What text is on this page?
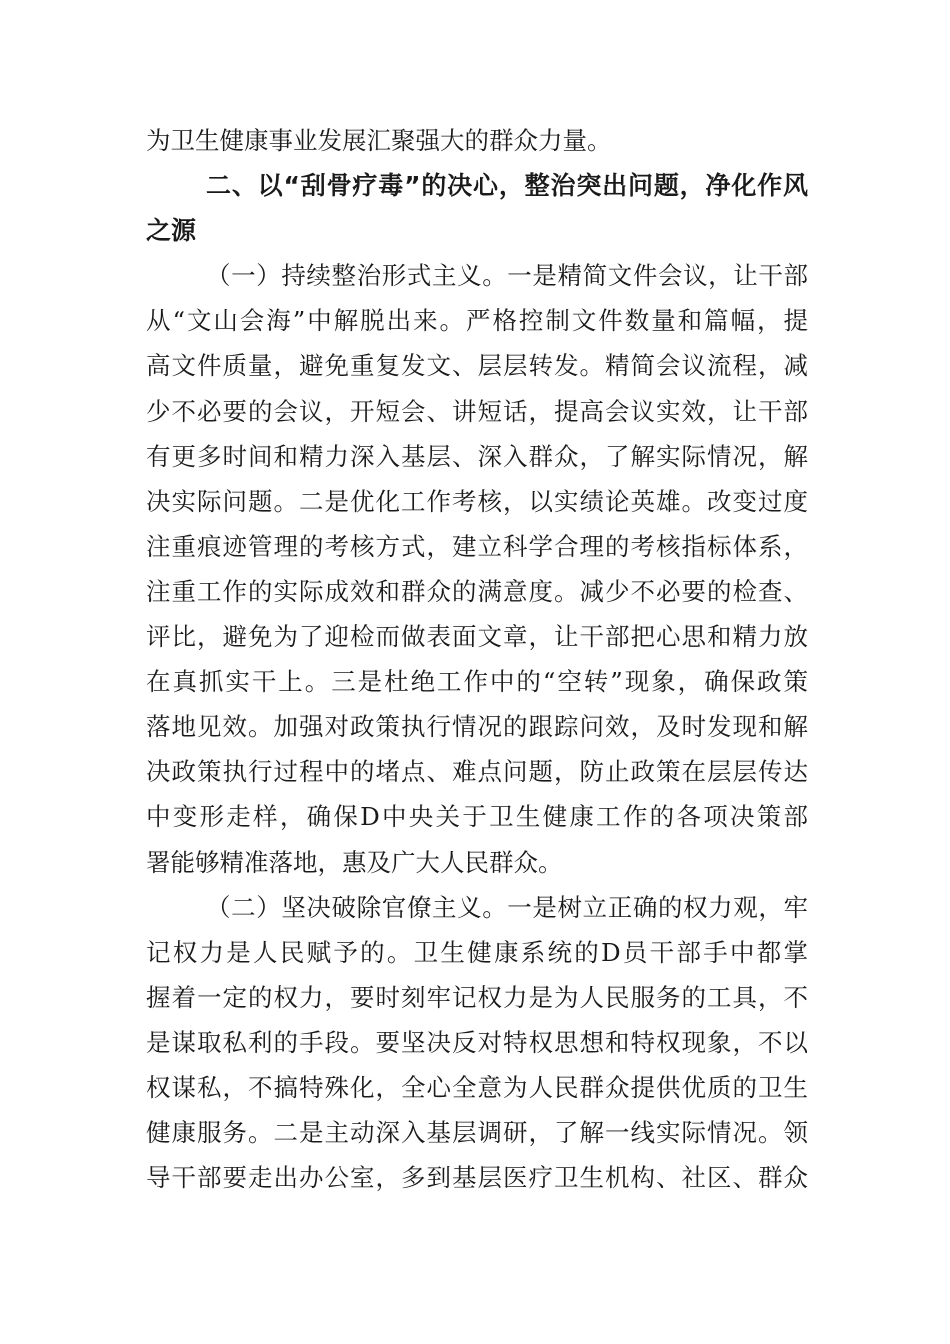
为卫生健康事业发展汇聚强大的群众力量。
二、以“刮骨疗毒”的决心，整治突出问题，净化作风
之源
（一）持续整治形式主义。一是精简文件会议，让干部
从“文山会海”中解脱出来。严格控制文件数量和篇幅，提
高文件质量，避免重复发文、层层转发。精简会议流程，减
少不必要的会议，开短会、讲短话，提高会议实效，让干部
有更多时间和精力深入基层、深入群众，了解实际情况，解
决实际问题。二是优化工作考核，以实绩论英雄。改变过度
注重痕迹管理的考核方式，建立科学合理的考核指标体系，
注重工作的实际成效和群众的满意度。减少不必要的检查、
评比，避免为了迎检而做表面文章，让干部把心思和精力放
在真抓实干上。三是杜绝工作中的“空转”现象，确保政策
落地见效。加强对政策执行情况的跟踪问效，及时发现和解
决政策执行过程中的堵点、难点问题，防止政策在层层传达
中变形走样，确保D中央关于卫生健康工作的各项决策部
署能够精准落地，惠及广大人民群众。
（二）坚决破除官僚主义。一是树立正确的权力观，牢
记权力是人民赋予的。卫生健康系统的D员干部手中都掌
握着一定的权力，要时刻牢记权力是为人民服务的工具，不
是谋取私利的手段。要坚决反对特权思想和特权现象，不以
权谋私，不搞特殊化，全心全意为人民群众提供优质的卫生
健康服务。二是主动深入基层调研，了解一线实际情况。领
导干部要走出办公室，多到基层医疗卫生机构、社区、群众
